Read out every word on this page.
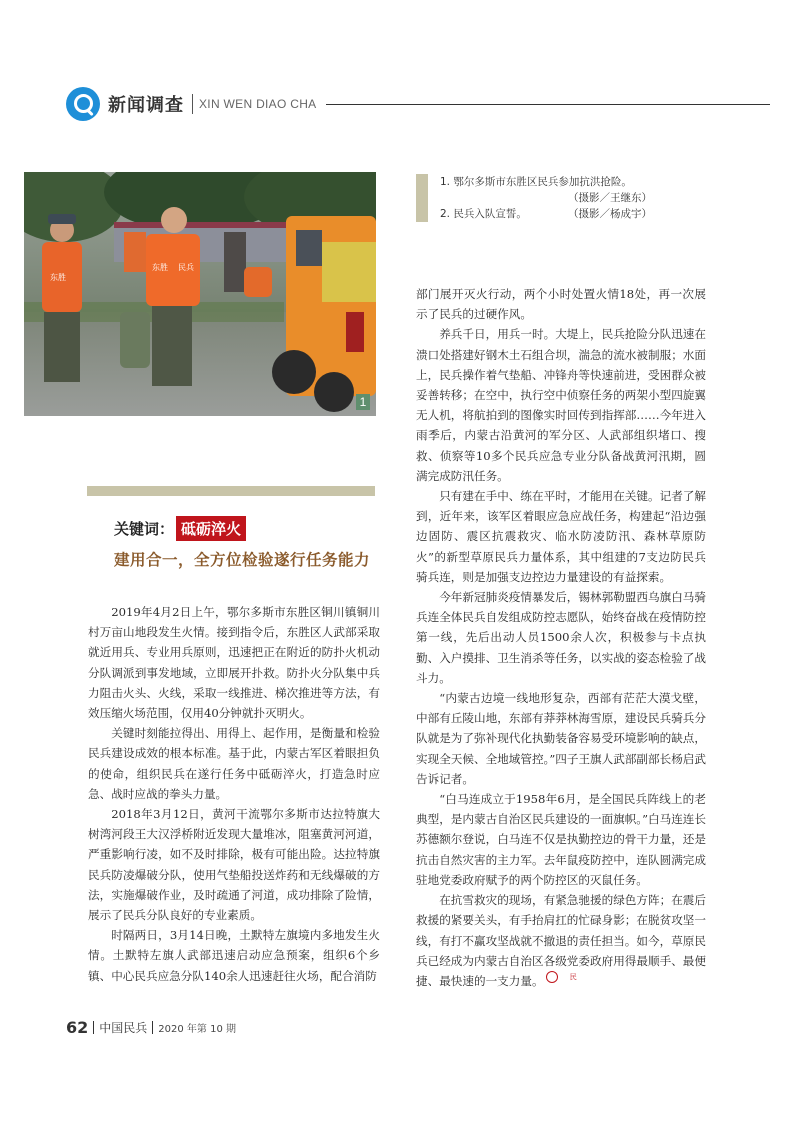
新闻调查 XIN WEN DIAO CHA
东胜
东胜 民兵
1
1. 鄂尔多斯市东胜区民兵参加抗洪抢险。
（摄影／王继东）
2. 民兵入队宣誓。	（摄影／杨成宇）
关键词： 砥砺淬火
建用合一，全方位检验遂行任务能力

2019年4月2日上午，鄂尔多斯市东胜区铜川镇铜川村万亩山地段发生火情。接到指令后，东胜区人武部采取就近用兵、专业用兵原则，迅速把正在附近的防扑火机动分队调派到事发地域，立即展开扑救。防扑火分队集中兵力阻击火头、火线，采取一线推进、梯次推进等方法，有效压缩火场范围，仅用40分钟就扑灭明火。

关键时刻能拉得出、用得上、起作用，是衡量和检验民兵建设成效的根本标准。基于此，内蒙古军区着眼担负的使命，组织民兵在遂行任务中砥砺淬火，打造急时应急、战时应战的拳头力量。

2018年3月12日，黄河干流鄂尔多斯市达拉特旗大树湾河段王大汉浮桥附近发现大量堆冰，阻塞黄河河道，严重影响行凌，如不及时排除，极有可能出险。达拉特旗民兵防凌爆破分队，使用气垫船投送炸药和无线爆破的方法，实施爆破作业，及时疏通了河道，成功排除了险情，展示了民兵分队良好的专业素质。

时隔两日，3月14日晚，土默特左旗境内多地发生火情。土默特左旗人武部迅速启动应急预案，组织6个乡镇、中心民兵应急分队140余人迅速赶往火场，配合消防

部门展开灭火行动，两个小时处置火情18处，再一次展示了民兵的过硬作风。

养兵千日，用兵一时。大堤上，民兵抢险分队迅速在溃口处搭建好钢木土石组合坝，湍急的流水被制服；水面上，民兵操作着气垫船、冲锋舟等快速前进，受困群众被妥善转移；在空中，执行空中侦察任务的两架小型四旋翼无人机，将航拍到的图像实时回传到指挥部……今年进入雨季后，内蒙古沿黄河的军分区、人武部组织堵口、搜救、侦察等10多个民兵应急专业分队备战黄河汛期，圆满完成防汛任务。

只有建在手中、练在平时，才能用在关键。记者了解到，近年来，该军区着眼应急应战任务，构建起“沿边强边固防、震区抗震救灾、临水防凌防汛、森林草原防火”的新型草原民兵力量体系，其中组建的7支边防民兵骑兵连，则是加强支边控边力量建设的有益探索。

今年新冠肺炎疫情暴发后，锡林郭勒盟西乌旗白马骑兵连全体民兵自发组成防控志愿队，始终奋战在疫情防控第一线，先后出动人员1500余人次，积极参与卡点执勤、入户摸排、卫生消杀等任务，以实战的姿态检验了战斗力。

“内蒙古边境一线地形复杂，西部有茫茫大漠戈壁，中部有丘陵山地，东部有莽莽林海雪原，建设民兵骑兵分队就是为了弥补现代化执勤装备容易受环境影响的缺点，实现全天候、全地域管控。”四子王旗人武部副部长杨启武告诉记者。

“白马连成立于1958年6月，是全国民兵阵线上的老典型，是内蒙古自治区民兵建设的一面旗帜。”白马连连长苏德额尔登说，白马连不仅是执勤控边的骨干力量，还是抗击自然灾害的主力军。去年鼠疫防控中，连队圆满完成驻地党委政府赋予的两个防控区的灭鼠任务。

在抗雪救灾的现场，有紧急驰援的绿色方阵；在震后救援的紧要关头，有手抬肩扛的忙碌身影；在脱贫攻坚一线，有打不赢攻坚战就不撤退的责任担当。如今，草原民兵已经成为内蒙古自治区各级党委政府用得最顺手、最便捷、最快速的一支力量。	民

62 中国民兵 2020 年第 10 期
